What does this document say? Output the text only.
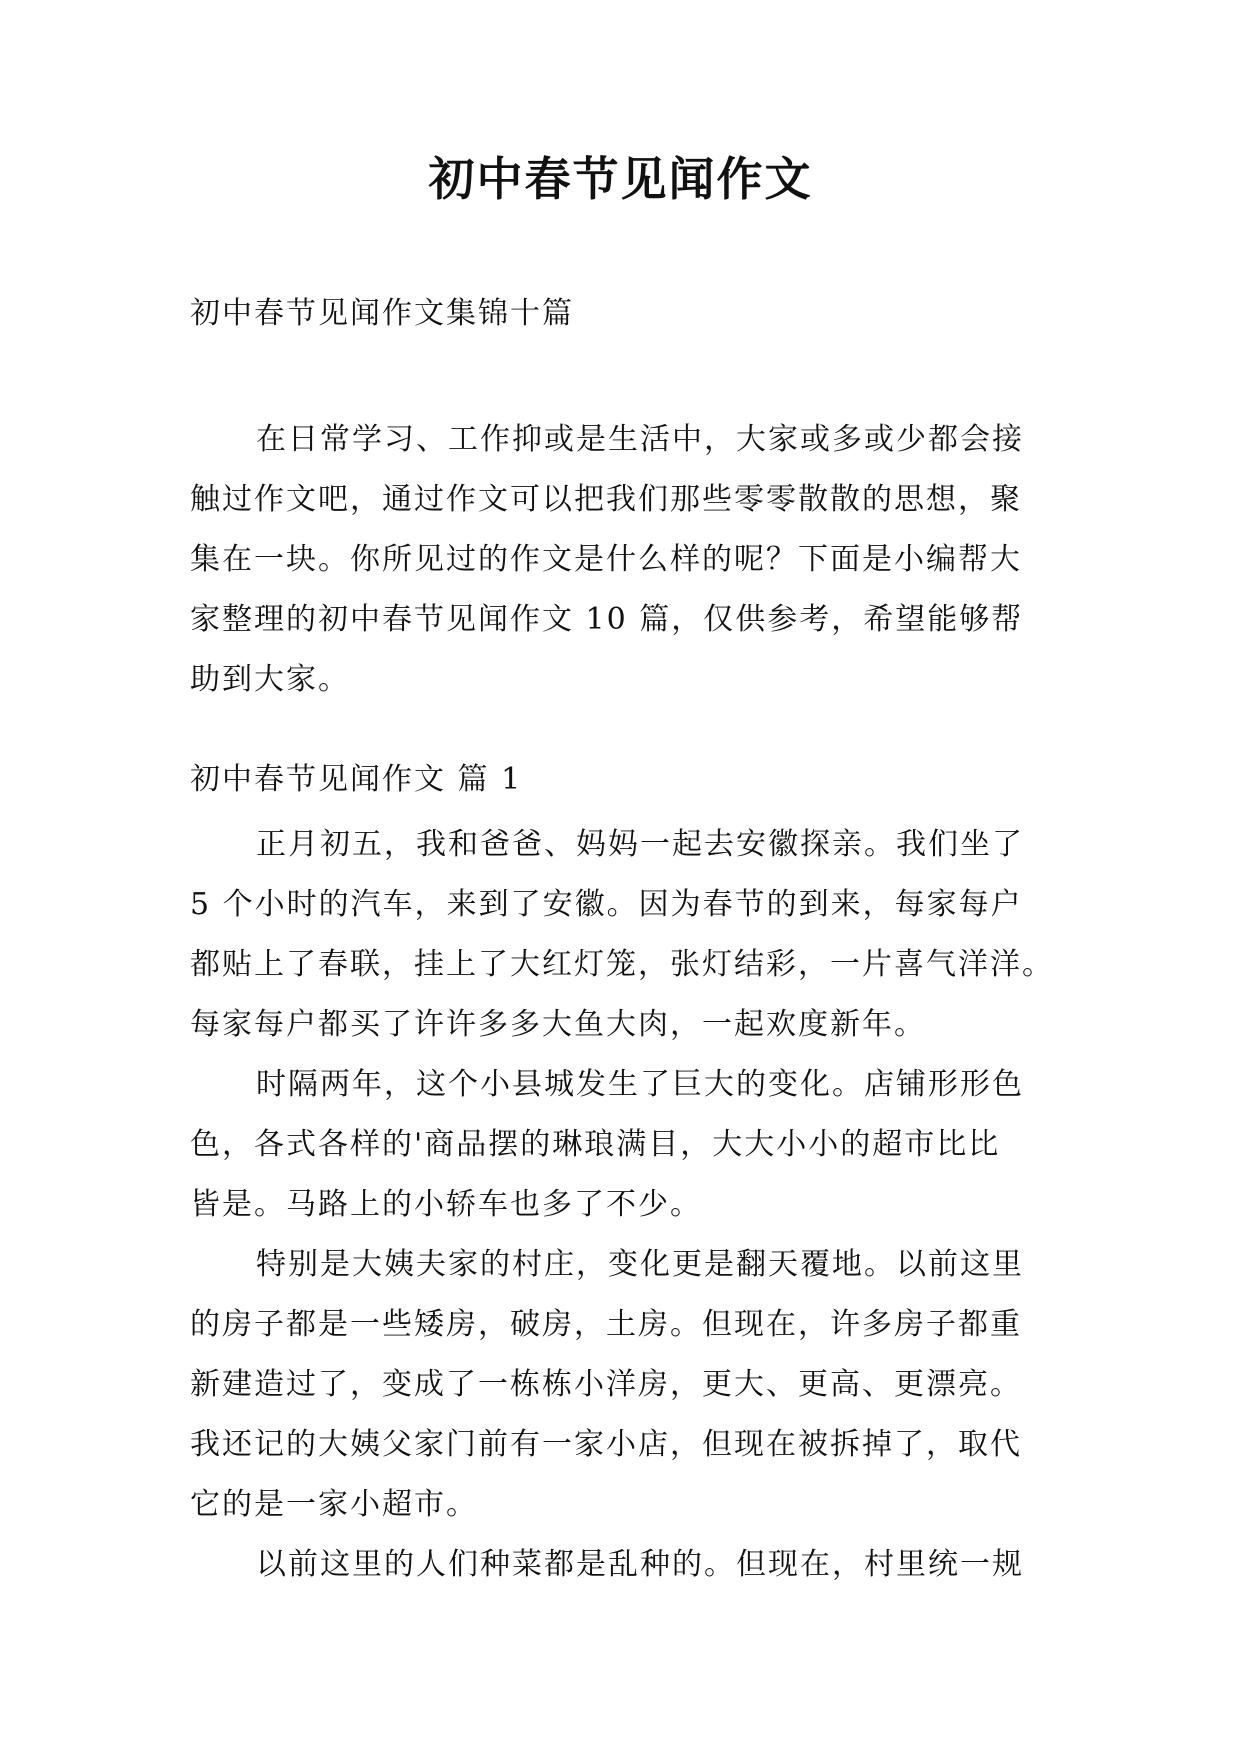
初中春节见闻作文
初中春节见闻作文集锦十篇
在日常学习、工作抑或是生活中，大家或多或少都会接
触过作文吧，通过作文可以把我们那些零零散散的思想，聚
集在一块。你所见过的作文是什么样的呢？下面是小编帮大
家整理的初中春节见闻作文 10 篇，仅供参考，希望能够帮
助到大家。
初中春节见闻作文 篇 1
正月初五，我和爸爸、妈妈一起去安徽探亲。我们坐了
5 个小时的汽车，来到了安徽。因为春节的到来，每家每户
都贴上了春联，挂上了大红灯笼，张灯结彩，一片喜气洋洋。
每家每户都买了许许多多大鱼大肉，一起欢度新年。
时隔两年，这个小县城发生了巨大的变化。店铺形形色
色，各式各样的'商品摆的琳琅满目，大大小小的超市比比
皆是。马路上的小轿车也多了不少。
特别是大姨夫家的村庄，变化更是翻天覆地。以前这里
的房子都是一些矮房，破房，土房。但现在，许多房子都重
新建造过了，变成了一栋栋小洋房，更大、更高、更漂亮。
我还记的大姨父家门前有一家小店，但现在被拆掉了，取代
它的是一家小超市。
以前这里的人们种菜都是乱种的。但现在，村里统一规
